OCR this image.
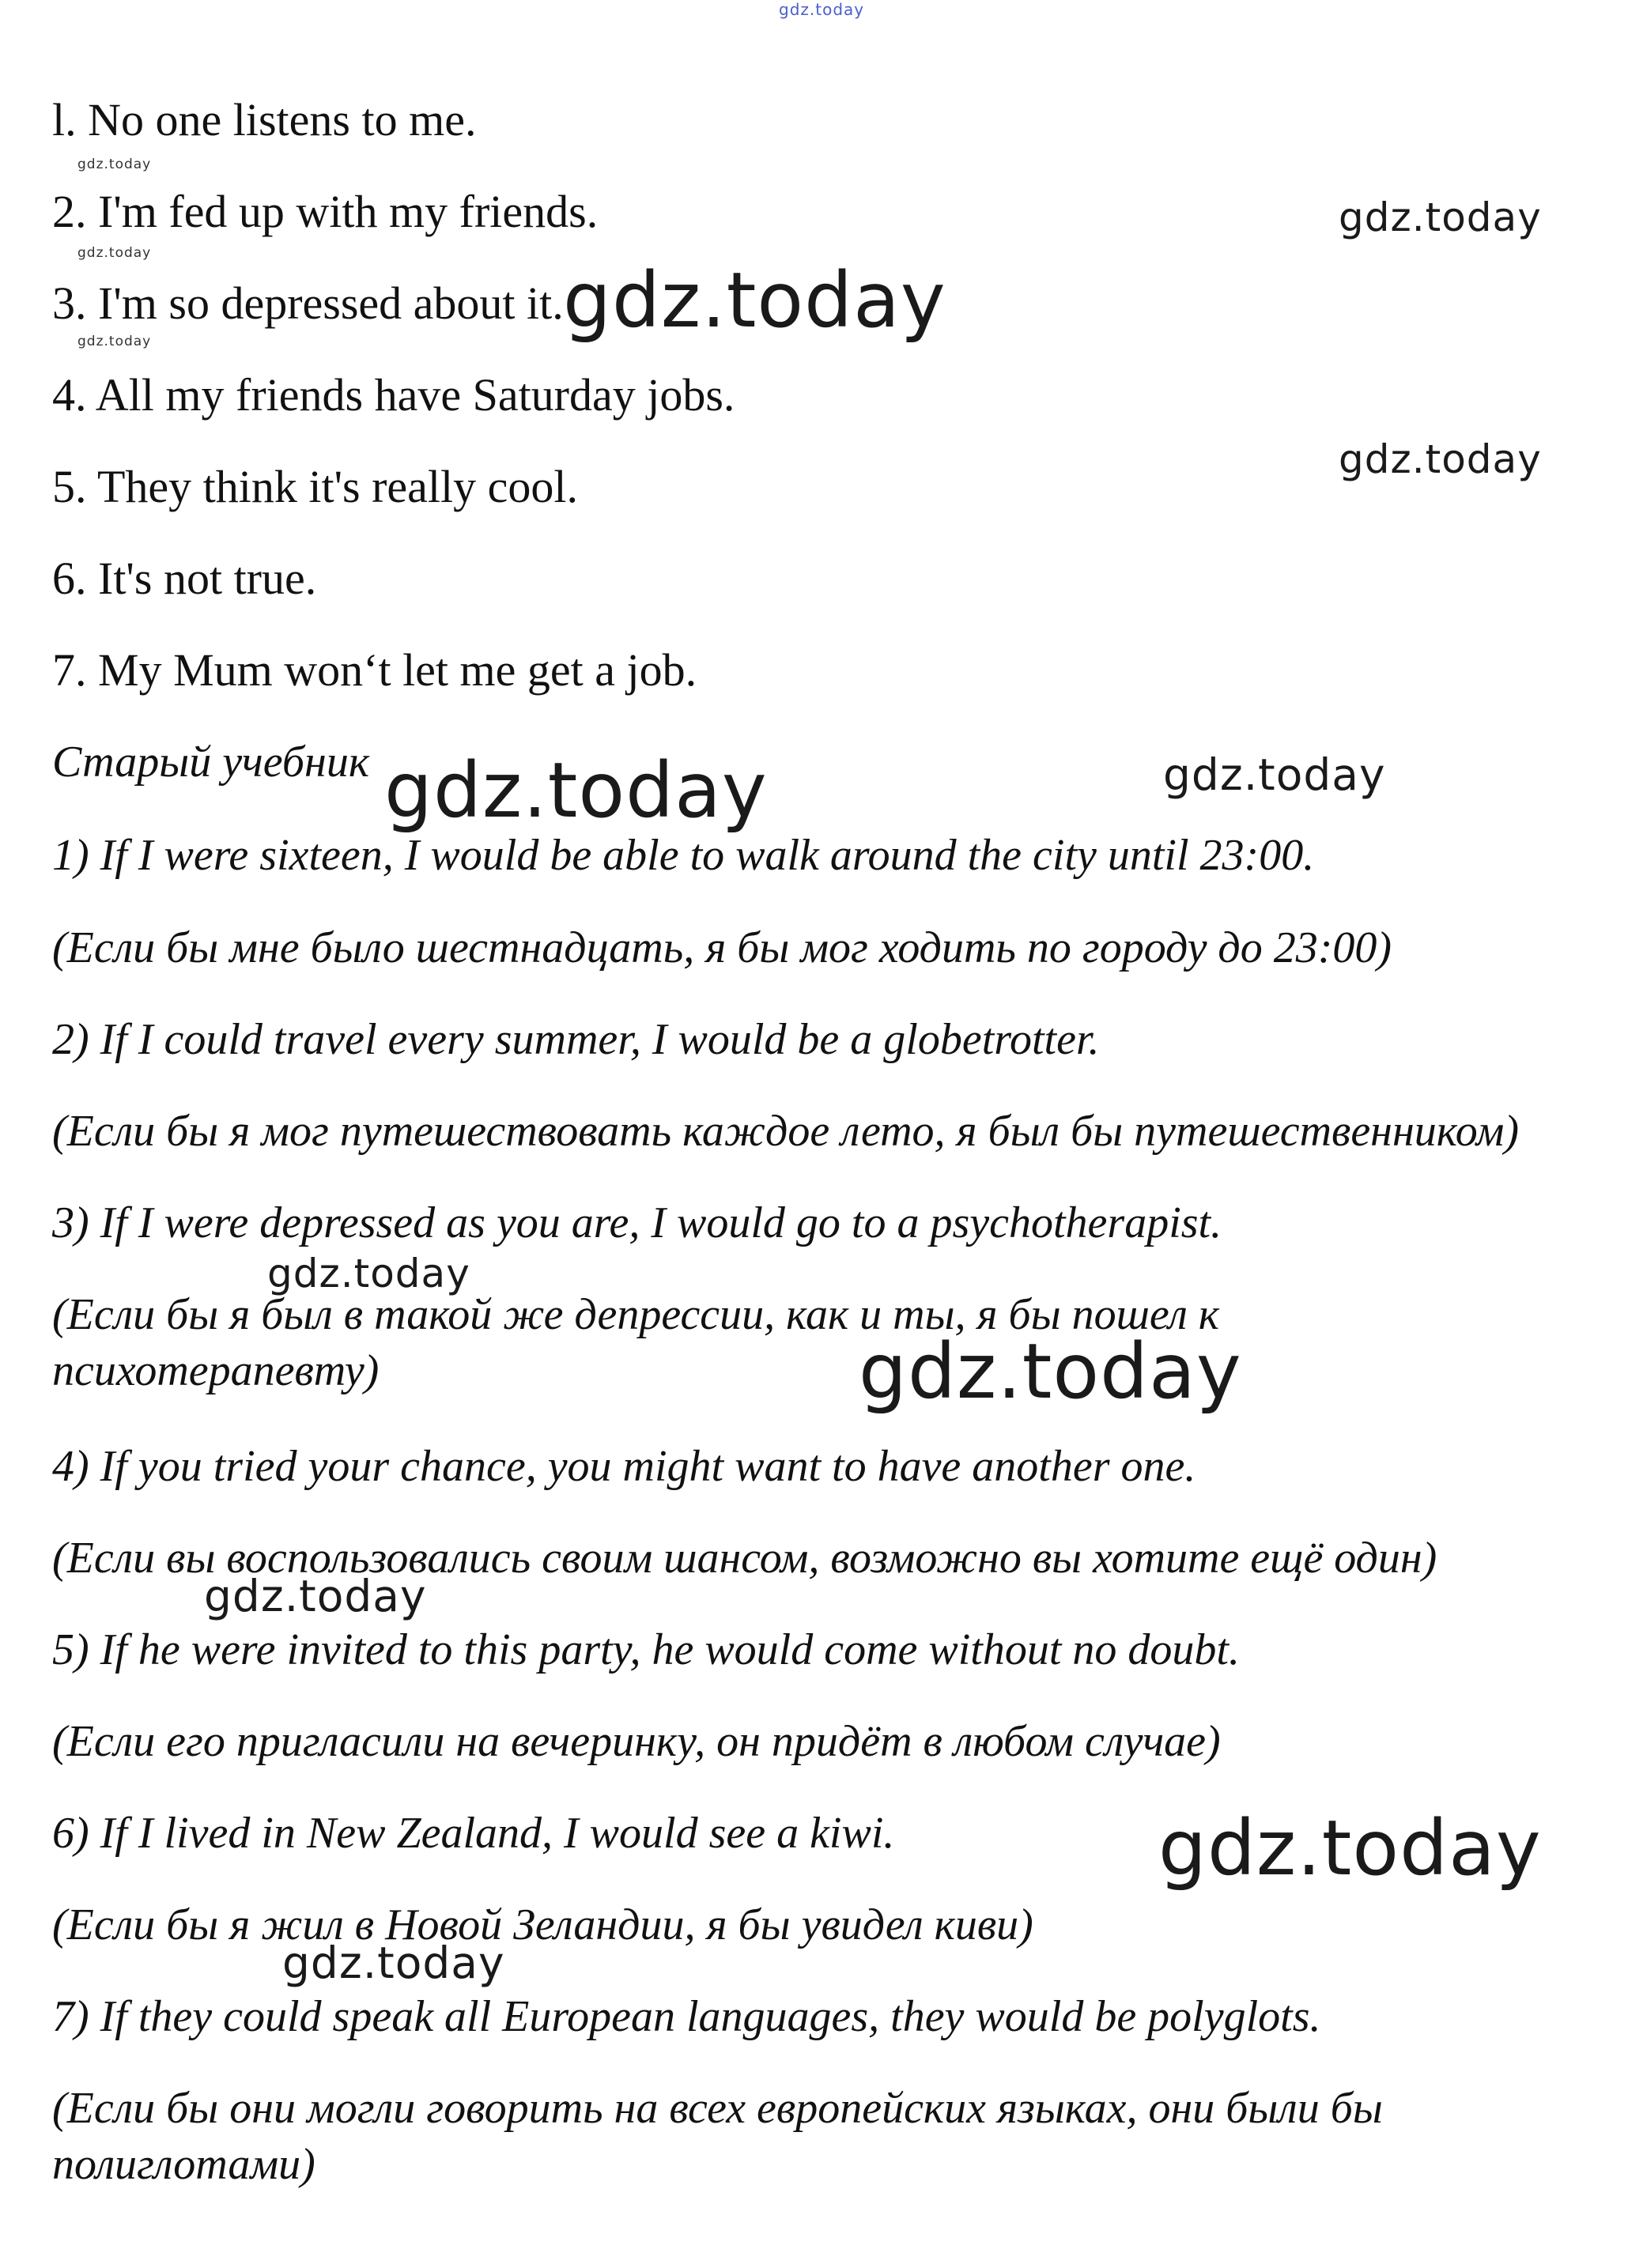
gdz.today
l. No one listens to me.
2. I'm fed up with my friends.
3. I'm so depressed about it.
4. All my friends have Saturday jobs.
5. They think it's really cool.
6. It's not true.
7. My Mum won‘t let me get a job.
gdz.today
gdz.today
gdz.today
Старый учебник
1) If I were sixteen, I would be able to walk around the city until 23:00.
(Если бы мне было шестнадцать, я бы мог ходить по городу до 23:00)
2) If I could travel every summer, I would be a globetrotter.
(Если бы я мог путешествовать каждое лето, я был бы путешественником)
3) If I were depressed as you are, I would go to a psychotherapist.
(Если бы я был в такой же депрессии, как и ты, я бы пошел к
психотерапевту)
4) If you tried your chance, you might want to have another one.
(Если вы воспользовались своим шансом, возможно вы хотите ещё один)
5) If he were invited to this party, he would come without no doubt.
(Если его пригласили на вечеринку, он придёт в любом случае)
6) If I lived in New Zealand, I would see a kiwi.
(Если бы я жил в Новой Зеландии, я бы увидел киви)
7) If they could speak all European languages, they would be polyglots.
(Если бы они могли говорить на всех европейских языках, они были бы
полиглотами)
gdz.today
gdz.today
gdz.today
gdz.today	gdz.today
gdz.today
gdz.today
gdz.today
gdz.today
gdz.today
